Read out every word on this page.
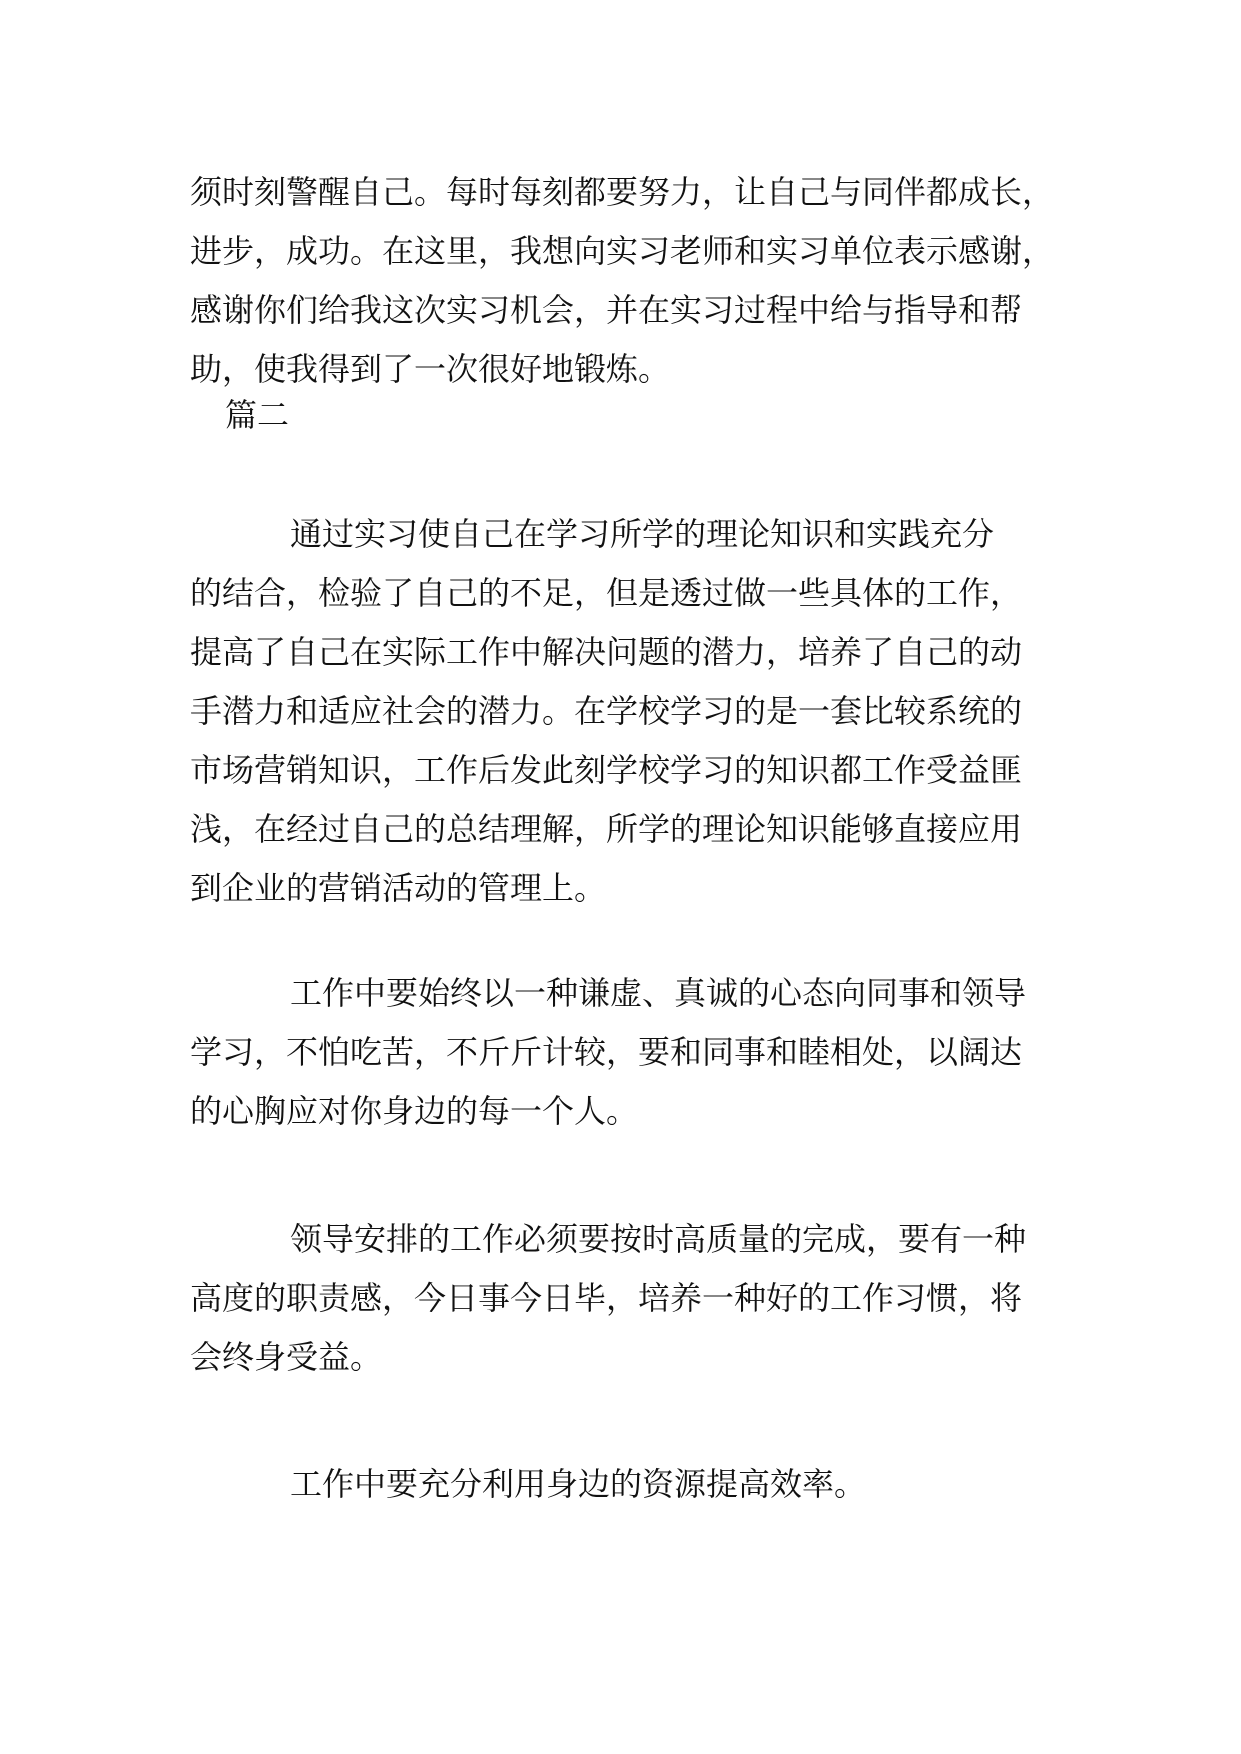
须时刻警醒自己。每时每刻都要努力，让自己与同伴都成长，
进步，成功。在这里，我想向实习老师和实习单位表示感谢，
感谢你们给我这次实习机会，并在实习过程中给与指导和帮
助，使我得到了一次很好地锻炼。
篇二
通过实习使自己在学习所学的理论知识和实践充分
的结合，检验了自己的不足，但是透过做一些具体的工作，
提高了自己在实际工作中解决问题的潜力，培养了自己的动
手潜力和适应社会的潜力。在学校学习的是一套比较系统的
市场营销知识，工作后发此刻学校学习的知识都工作受益匪
浅，在经过自己的总结理解，所学的理论知识能够直接应用
到企业的营销活动的管理上。
工作中要始终以一种谦虚、真诚的心态向同事和领导
学习，不怕吃苦，不斤斤计较，要和同事和睦相处，以阔达
的心胸应对你身边的每一个人。
领导安排的工作必须要按时高质量的完成，要有一种
高度的职责感，今日事今日毕，培养一种好的工作习惯，将
会终身受益。
工作中要充分利用身边的资源提高效率。
